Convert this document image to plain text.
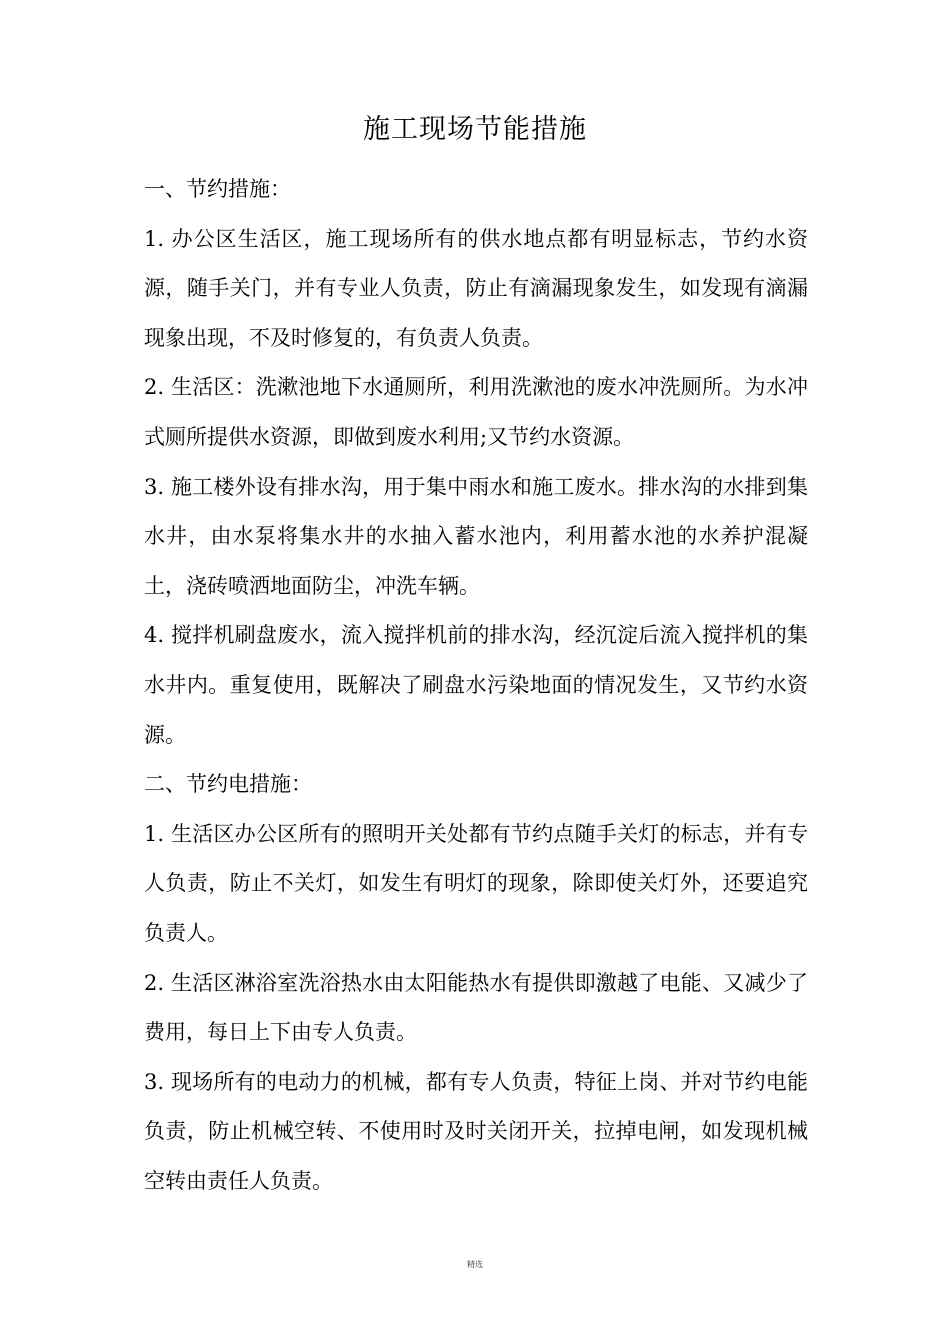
施工现场节能措施

一、节约措施：

1. 办公区生活区，施工现场所有的供水地点都有明显标志，节约水资源，随手关门，并有专业人负责，防止有滴漏现象发生，如发现有滴漏现象出现，不及时修复的，有负责人负责。

2. 生活区：洗漱池地下水通厕所，利用洗漱池的废水冲洗厕所。为水冲式厕所提供水资源，即做到废水利用;又节约水资源。

3. 施工楼外设有排水沟，用于集中雨水和施工废水。排水沟的水排到集水井，由水泵将集水井的水抽入蓄水池内，利用蓄水池的水养护混凝土，浇砖喷洒地面防尘，冲洗车辆。

4. 搅拌机刷盘废水，流入搅拌机前的排水沟，经沉淀后流入搅拌机的集水井内。重复使用，既解决了刷盘水污染地面的情况发生，又节约水资源。

二、节约电措施：

1. 生活区办公区所有的照明开关处都有节约点随手关灯的标志，并有专人负责，防止不关灯，如发生有明灯的现象，除即使关灯外，还要追究负责人。

2. 生活区淋浴室洗浴热水由太阳能热水有提供即激越了电能、又减少了费用，每日上下由专人负责。

3. 现场所有的电动力的机械，都有专人负责，特征上岗、并对节约电能负责，防止机械空转、不使用时及时关闭开关，拉掉电闸，如发现机械空转由责任人负责。

精选
